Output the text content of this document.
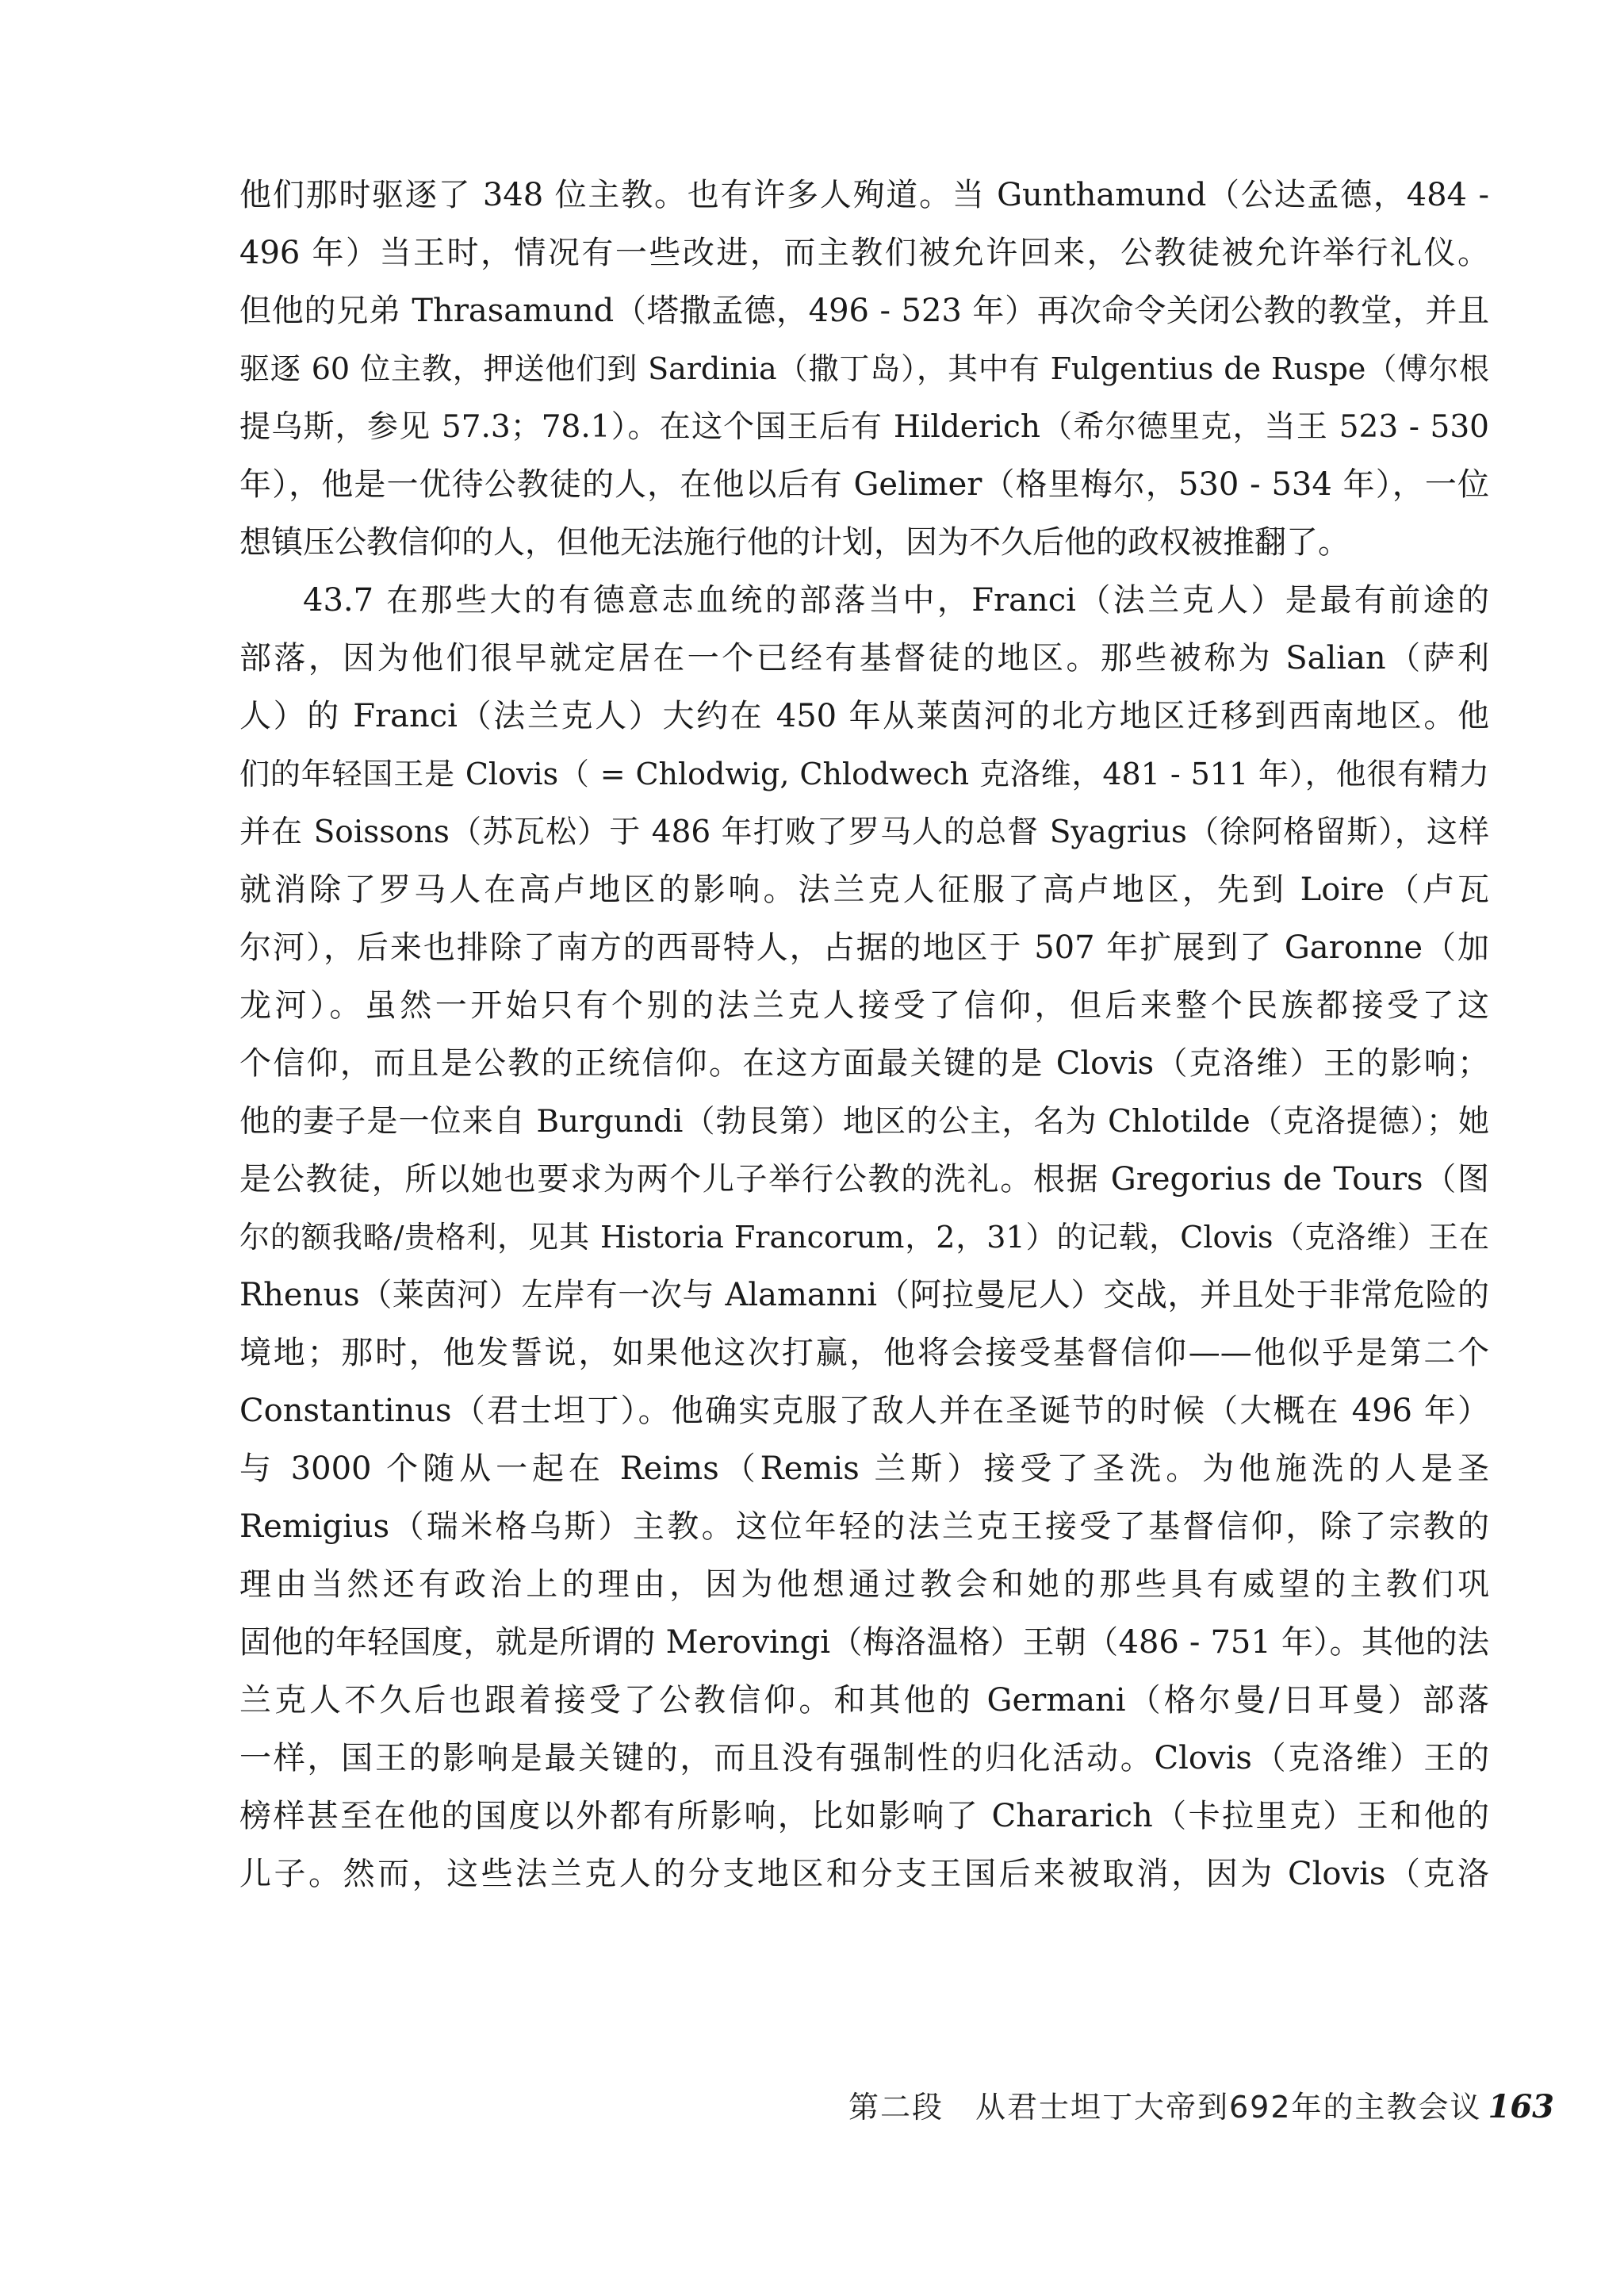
他们那时驱逐了 348 位主教。也有许多人殉道。当 Gunthamund（公达孟德，484 -
496 年）当王时，情况有一些改进，而主教们被允许回来，公教徒被允许举行礼仪。
但他的兄弟 Thrasamund（塔撒孟德，496 - 523 年）再次命令关闭公教的教堂，并且
驱逐 60 位主教，押送他们到 Sardinia（撒丁岛），其中有 Fulgentius de Ruspe（傅尔根
提乌斯，参见 57.3；78.1）。在这个国王后有 Hilderich（希尔德里克，当王 523 - 530
年），他是一优待公教徒的人，在他以后有 Gelimer（格里梅尔，530 - 534 年），一位
想镇压公教信仰的人，但他无法施行他的计划，因为不久后他的政权被推翻了。
43.7 在那些大的有德意志血统的部落当中，Franci（法兰克人）是最有前途的
部落，因为他们很早就定居在一个已经有基督徒的地区。那些被称为 Salian（萨利
人）的 Franci（法兰克人）大约在 450 年从莱茵河的北方地区迁移到西南地区。他
们的年轻国王是 Clovis（ = Chlodwig, Chlodwech 克洛维，481 - 511 年），他很有精力
并在 Soissons（苏瓦松）于 486 年打败了罗马人的总督 Syagrius（徐阿格留斯），这样
就消除了罗马人在高卢地区的影响。法兰克人征服了高卢地区，先到 Loire（卢瓦
尔河），后来也排除了南方的西哥特人，占据的地区于 507 年扩展到了 Garonne（加
龙河）。虽然一开始只有个别的法兰克人接受了信仰，但后来整个民族都接受了这
个信仰，而且是公教的正统信仰。在这方面最关键的是 Clovis（克洛维）王的影响；
他的妻子是一位来自 Burgundi（勃艮第）地区的公主，名为 Chlotilde（克洛提德）；她
是公教徒，所以她也要求为两个儿子举行公教的洗礼。根据 Gregorius de Tours（图
尔的额我略/贵格利，见其 Historia Francorum，2，31）的记载，Clovis（克洛维）王在
Rhenus（莱茵河）左岸有一次与 Alamanni（阿拉曼尼人）交战，并且处于非常危险的
境地；那时，他发誓说，如果他这次打赢，他将会接受基督信仰——他似乎是第二个
Constantinus（君士坦丁）。他确实克服了敌人并在圣诞节的时候（大概在 496 年）
与 3000 个随从一起在 Reims（Remis 兰斯）接受了圣洗。为他施洗的人是圣
Remigius（瑞米格乌斯）主教。这位年轻的法兰克王接受了基督信仰，除了宗教的
理由当然还有政治上的理由，因为他想通过教会和她的那些具有威望的主教们巩
固他的年轻国度，就是所谓的 Merovingi（梅洛温格）王朝（486 - 751 年）。其他的法
兰克人不久后也跟着接受了公教信仰。和其他的 Germani（格尔曼/日耳曼）部落
一样，国王的影响是最关键的，而且没有强制性的归化活动。Clovis（克洛维）王的
榜样甚至在他的国度以外都有所影响，比如影响了 Chararich（卡拉里克）王和他的
儿子。然而，这些法兰克人的分支地区和分支王国后来被取消，因为 Clovis（克洛
第二段　从君士坦丁大帝到692年的主教会议 163
